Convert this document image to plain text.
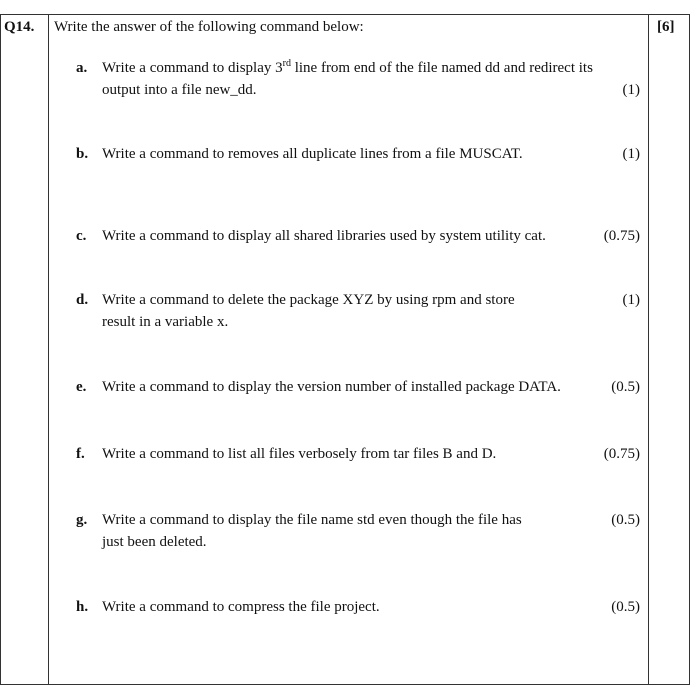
Q14. Write the answer of the following command below:	[6]
a. Write a command to display 3rd line from end of the file named dd and redirect its
output into a file new_dd.	(1)
b. Write a command to removes all duplicate lines from a file MUSCAT.	(1)
c. Write a command to display all shared libraries used by system utility cat.	(0.75)
d. Write a command to delete the package XYZ by using rpm and store
result in a variable x.
(1)
e. Write a command to display the version number of installed package DATA.	(0.5)
f. Write a command to list all files verbosely from tar files B and D.	(0.75)
g. Write a command to display the file name std even though the file has
just been deleted.
(0.5)
h. Write a command to compress the file project.	(0.5)
